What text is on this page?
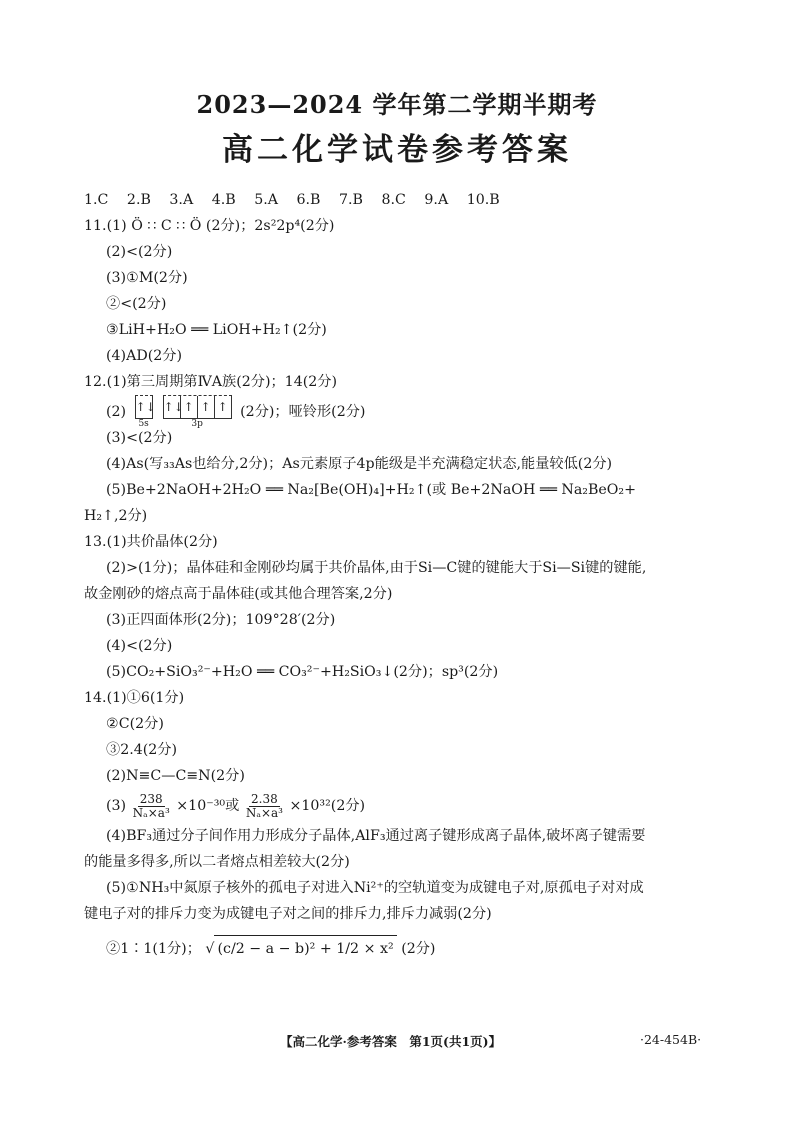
2023—2024 学年第二学期半期考
高二化学试卷参考答案
1.C 2.B 3.A 4.B 5.A 6.B 7.B 8.C 9.A 10.B
11.(1) Ö ∷ C ∷ Ö (2分)；2s²2p⁴(2分)
(2)<(2分)
(3)①M(2分)
②<(2分)
③LiH+H₂O ══ LiOH+H₂↑(2分)
(4)AD(2分)
12.(1)第三周期第ⅣA族(2分)；14(2分)
(2) ↑↓
5s
↑↓ ↑ ↑ ↑
3p
(2分)；哑铃形(2分)
(3)<(2分)
(4)As(写₃₃As也给分,2分)；As元素原子4p能级是半充满稳定状态,能量较低(2分)
(5)Be+2NaOH+2H₂O ══ Na₂[Be(OH)₄]+H₂↑(或 Be+2NaOH ══ Na₂BeO₂+
H₂↑,2分)
13.(1)共价晶体(2分)
(2)>(1分)；晶体硅和金刚砂均属于共价晶体,由于Si—C键的键能大于Si—Si键的键能,
故金刚砂的熔点高于晶体硅(或其他合理答案,2分)
(3)正四面体形(2分)；109°28′(2分)
(4)<(2分)
(5)CO₂+SiO₃²⁻+H₂O ══ CO₃²⁻+H₂SiO₃↓(2分)；sp³(2分)
14.(1)①6(1分)
②C(2分)
③2.4(2分)
(2)N≡C—C≡N(2分)
$(3) \frac{238}{\text{Nₐ×a³}} \times 10^{-30}$或 $\frac{2.38}{\text{Nₐ×a³}} \times 10^{32}(2$分)
(4)BF₃通过分子间作用力形成分子晶体,AlF₃通过离子键形成离子晶体,破坏离子键需要
的能量多得多,所以二者熔点相差较大(2分)
(5)①NH₃中氮原子核外的孤电子对进入Ni²⁺的空轨道变为成键电子对,原孤电子对对成
键电子对的排斥力变为成键电子对之间的排斥力,排斥力减弱(2分)
②1∶1(1分)； √ (c/2 − a − b)² + 1/2 × x² (2分)
【高二化学·参考答案　第1页(共1页)】	·24-454B·
